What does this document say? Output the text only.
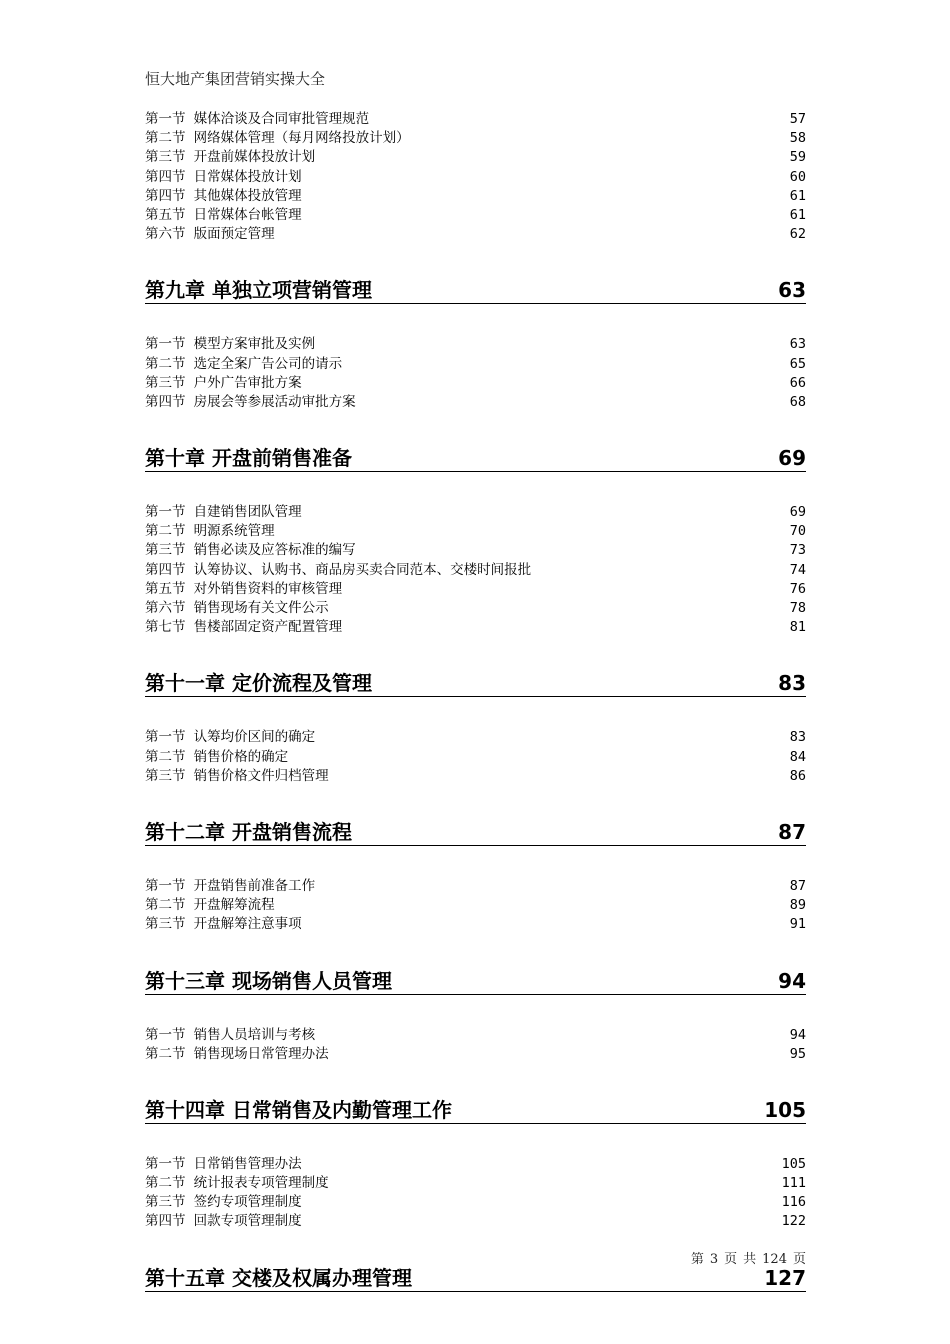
恒大地产集团营销实操大全
第一节 媒体洽谈及合同审批管理规范	57
第二节 网络媒体管理（每月网络投放计划）	58
第三节 开盘前媒体投放计划	59
第四节 日常媒体投放计划	60
第四节 其他媒体投放管理	61
第五节 日常媒体台帐管理	61
第六节 版面预定管理	62
第九章 单独立项营销管理	63
第一节 模型方案审批及实例	63
第二节 选定全案广告公司的请示	65
第三节 户外广告审批方案	66
第四节 房展会等参展活动审批方案	68
第十章 开盘前销售准备	69
第一节 自建销售团队管理	69
第二节 明源系统管理	70
第三节 销售必读及应答标准的编写	73
第四节 认筹协议、认购书、商品房买卖合同范本、交楼时间报批	74
第五节 对外销售资料的审核管理	76
第六节 销售现场有关文件公示	78
第七节 售楼部固定资产配置管理	81
第十一章 定价流程及管理	83
第一节 认筹均价区间的确定	83
第二节 销售价格的确定	84
第三节 销售价格文件归档管理	86
第十二章 开盘销售流程	87
第一节 开盘销售前准备工作	87
第二节 开盘解筹流程	89
第三节 开盘解筹注意事项	91
第十三章 现场销售人员管理	94
第一节 销售人员培训与考核	94
第二节 销售现场日常管理办法	95
第十四章 日常销售及内勤管理工作	105
第一节 日常销售管理办法	105
第二节 统计报表专项管理制度	111
第三节 签约专项管理制度	116
第四节 回款专项管理制度	122
第十五章 交楼及权属办理管理	127
第 3 页 共 124 页
